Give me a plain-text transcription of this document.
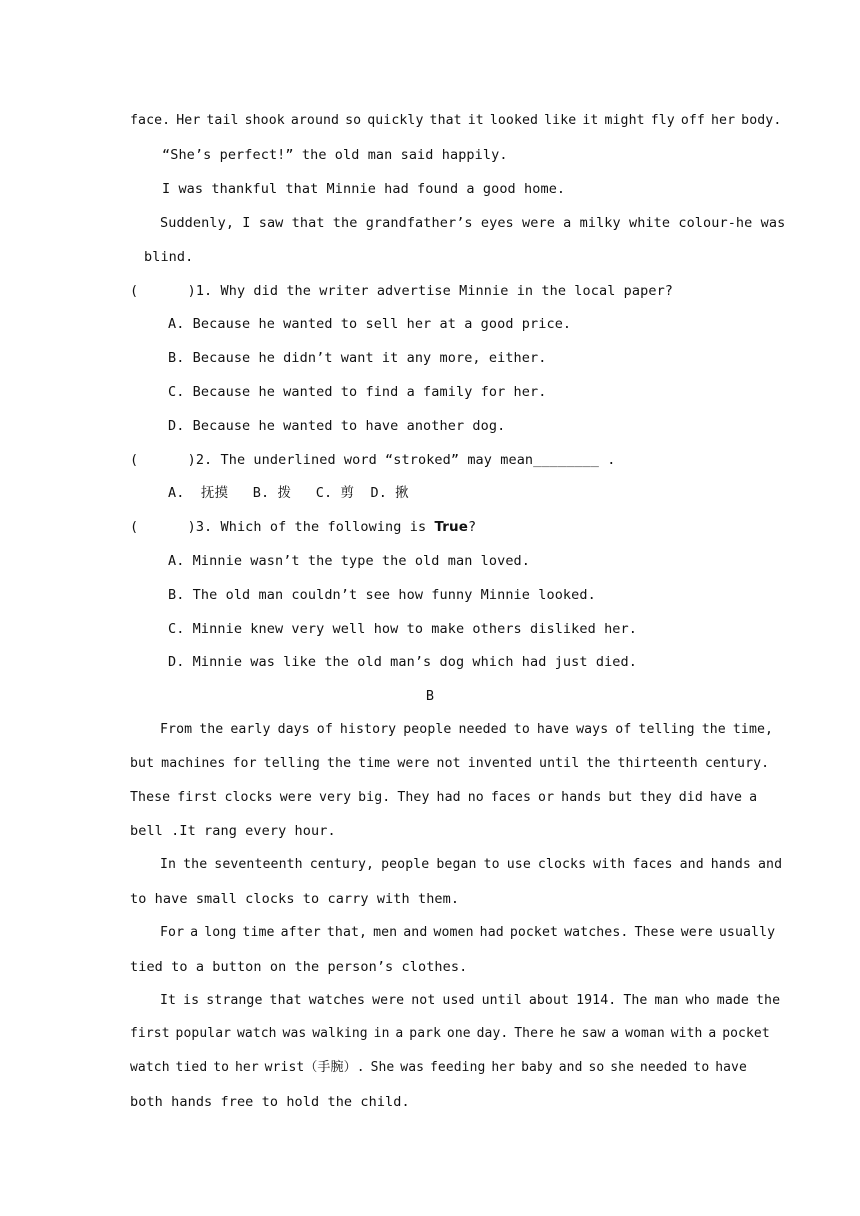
face. Her tail shook around so quickly that it looked like it might fly off her body.
“She’s perfect!” the old man said happily.
I was thankful that Minnie had found a good home.
Suddenly, I saw that the grandfather’s eyes were a milky white colour-he was
blind.
(      )1. Why did the writer advertise Minnie in the local paper?
A. Because he wanted to sell her at a good price.
B. Because he didn’t want it any more, either.
C. Because he wanted to find a family for her.
D. Because he wanted to have another dog.
(      )2. The underlined word “stroked” may mean________ .
A.  抚摸   B. 拨   C. 剪  D. 揪
(      )3. Which of the following is True?
A. Minnie wasn’t the type the old man loved.
B. The old man couldn’t see how funny Minnie looked.
C. Minnie knew very well how to make others disliked her.
D. Minnie was like the old man’s dog which had just died.
B
From the early days of history people needed to have ways of telling the time,
but machines for telling the time were not invented until the thirteenth century.
These first clocks were very big. They had no faces or hands but they did have a
bell .It rang every hour.
In the seventeenth century, people began to use clocks with faces and hands and
to have small clocks to carry with them.
For a long time after that, men and women had pocket watches. These were usually
tied to a button on the person’s clothes.
It is strange that watches were not used until about 1914. The man who made the
first popular watch was walking in a park one day. There he saw a woman with a pocket
watch tied to her wrist（手腕）. She was feeding her baby and so she needed to have
both hands free to hold the child.
